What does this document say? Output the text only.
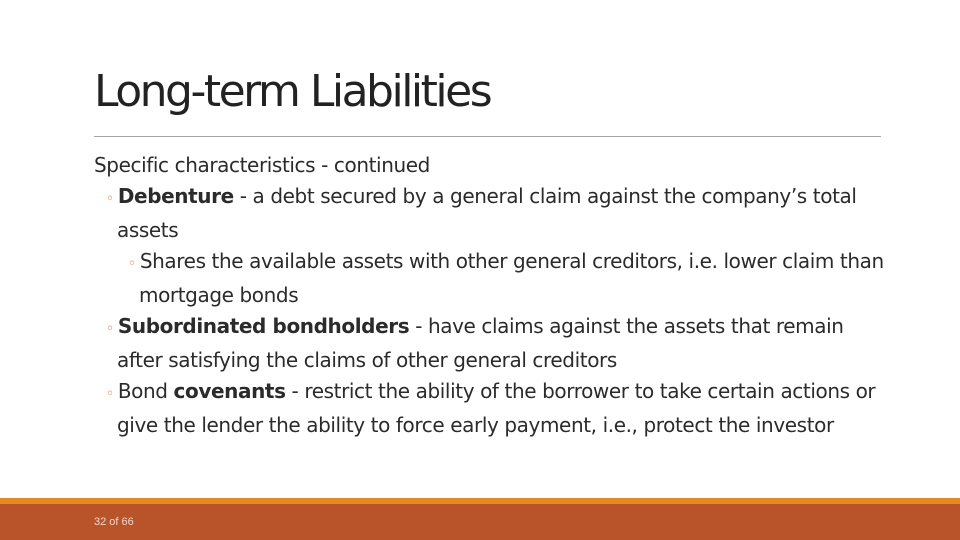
Long-term Liabilities

Specific characteristics - continued

◦ Debenture - a debt secured by a general claim against the company’s total assets

◦ Shares the available assets with other general creditors, i.e. lower claim than mortgage bonds

◦ Subordinated bondholders - have claims against the assets that remain after satisfying the claims of other general creditors

◦ Bond covenants - restrict the ability of the borrower to take certain actions or give the lender the ability to force early payment, i.e., protect the investor

32 of 66
